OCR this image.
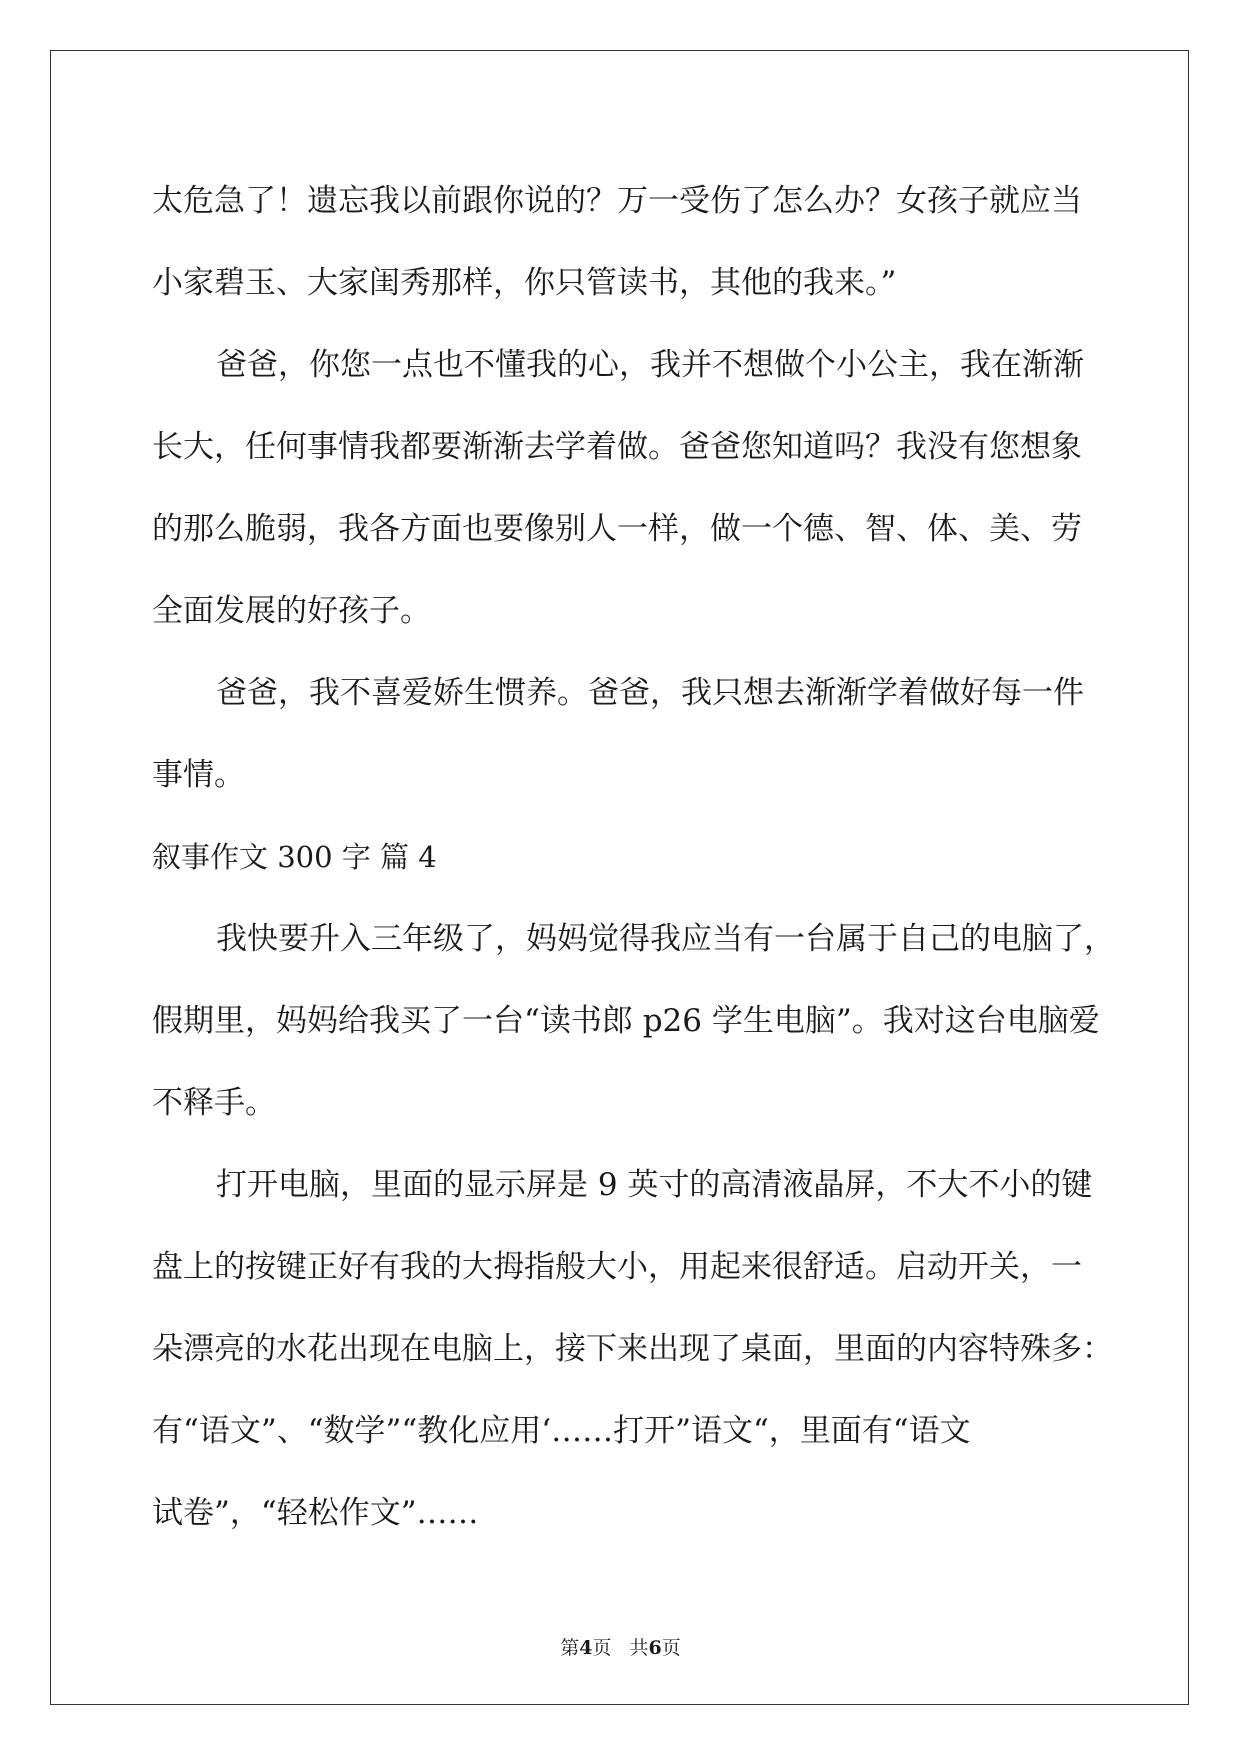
太危急了！遗忘我以前跟你说的？万一受伤了怎么办？女孩子就应当
小家碧玉、大家闺秀那样，你只管读书，其他的我来。”
爸爸，你您一点也不懂我的心，我并不想做个小公主，我在渐渐
长大，任何事情我都要渐渐去学着做。爸爸您知道吗？我没有您想象
的那么脆弱，我各方面也要像别人一样，做一个德、智、体、美、劳
全面发展的好孩子。
爸爸，我不喜爱娇生惯养。爸爸，我只想去渐渐学着做好每一件
事情。
叙事作文 300 字 篇 4
我快要升入三年级了，妈妈觉得我应当有一台属于自己的电脑了，
假期里，妈妈给我买了一台“读书郎 p26 学生电脑”。我对这台电脑爱
不释手。
打开电脑，里面的显示屏是 9 英寸的高清液晶屏，不大不小的键
盘上的按键正好有我的大拇指般大小，用起来很舒适。启动开关，一
朵漂亮的水花出现在电脑上，接下来出现了桌面，里面的内容特殊多：
有“语文”、“数学”“教化应用‘……打开”语文“，里面有“语文
试卷”，“轻松作文”……
第4页 共6页
